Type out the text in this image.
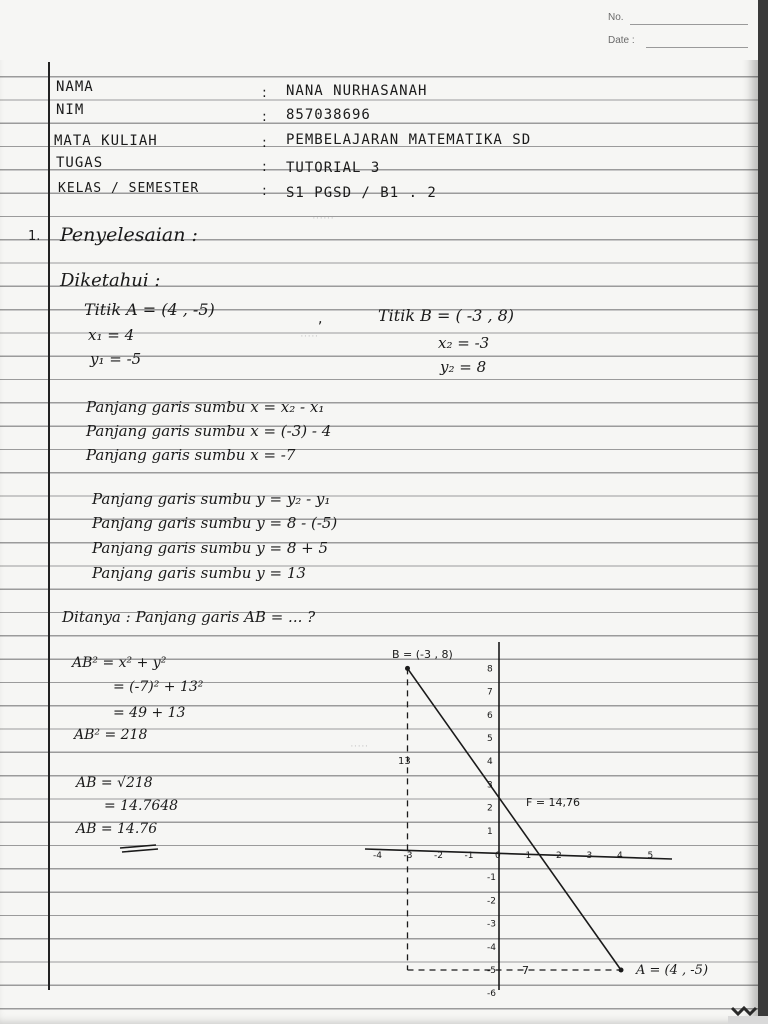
No.
Date :
······
·····
·····
NAMA	: NANA NURHASANAH
NIM	: 857038696
MATA KULIAH	: PEMBELAJARAN MATEMATIKA SD
TUGAS	: TUTORIAL 3
KELAS / SEMESTER	: S1 PGSD / B1 . 2
1. Penyelesaian :
Diketahui :
Titik A = (4 , -5)	,	Titik B = ( -3 , 8)
x₁ = 4
y₁ = -5
x₂ = -3
y₂ = 8
Panjang garis sumbu x = x₂ - x₁
Panjang garis sumbu x = (-3) - 4
Panjang garis sumbu x = -7
Panjang garis sumbu y = y₂ - y₁
Panjang garis sumbu y = 8 - (-5)
Panjang garis sumbu y = 8 + 5
Panjang garis sumbu y = 13
Ditanya : Panjang garis AB = ... ?
AB² = x² + y²
= (-7)² + 13²
= 49 + 13
AB² = 218
AB = √218
= 14.7648
AB = 14.76
-4 -3 -2 -1 0	1	2	3	4	5
8
7
6
5
4
3
2
1
-1
-2
-3
-4
-5
-6
B = (-3 , 8)
A = (4 , -5)
F = 14,76
13
7
